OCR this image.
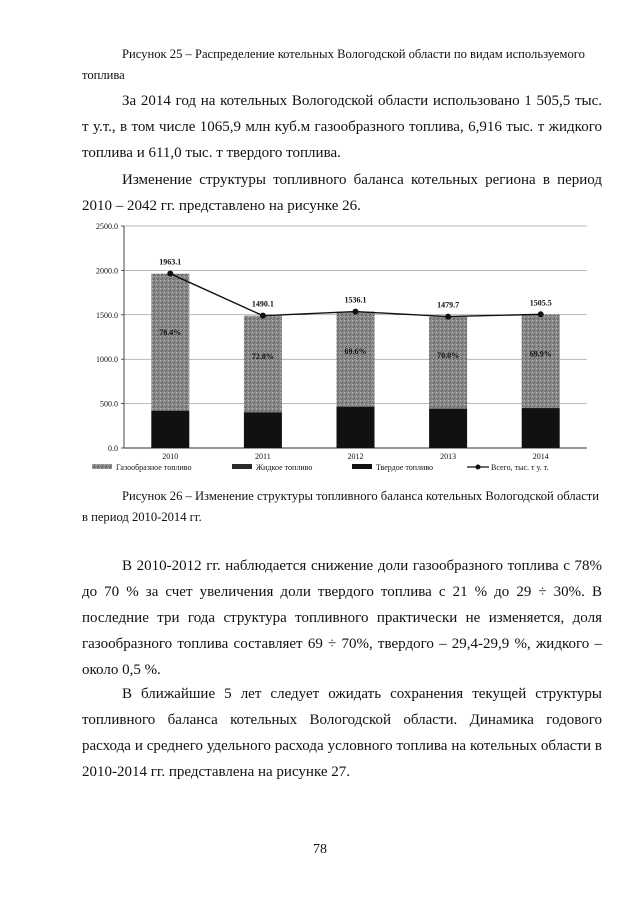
Рисунок 25 – Распределение котельных Вологодской области по видам используемого топлива
За 2014 год на котельных Вологодской области использовано 1 505,5 тыс. т у.т., в том числе 1065,9 млн куб.м газообразного топлива, 6,916 тыс. т жидкого топлива и 611,0 тыс. т твердого топлива.
Изменение структуры топливного баланса котельных региона в период 2010 – 2042 гг. представлено на рисунке 26.
0.0
500.0
1000.0
1500.0
2000.0
2500.0
2010
78.4%
2011
72.8%
2012
69.6%
2013
70.0%
2014
69.9%
1963.1
1490.1	1536.1
1479.7	1505.5
Газообразное топливо	Жидкое топливо	Твердое топливо	Всего, тыс. т у. т.
Рисунок 26 – Изменение структуры топливного баланса котельных Вологодской области в период 2010-2014 гг.
В 2010-2012 гг. наблюдается снижение доли газообразного топлива с 78% до 70 % за счет увеличения доли твердого топлива с 21 % до 29 ÷ 30%. В последние три года структура топливного практически не изменяется, доля газообразного топлива составляет 69 ÷ 70%, твердого – 29,4-29,9 %, жидкого – около 0,5 %.
В ближайшие 5 лет следует ожидать сохранения текущей структуры топливного баланса котельных Вологодской области. Динамика годового расхода и среднего удельного расхода условного топлива на котельных области в 2010-2014 гг. представлена на рисунке 27.
78
